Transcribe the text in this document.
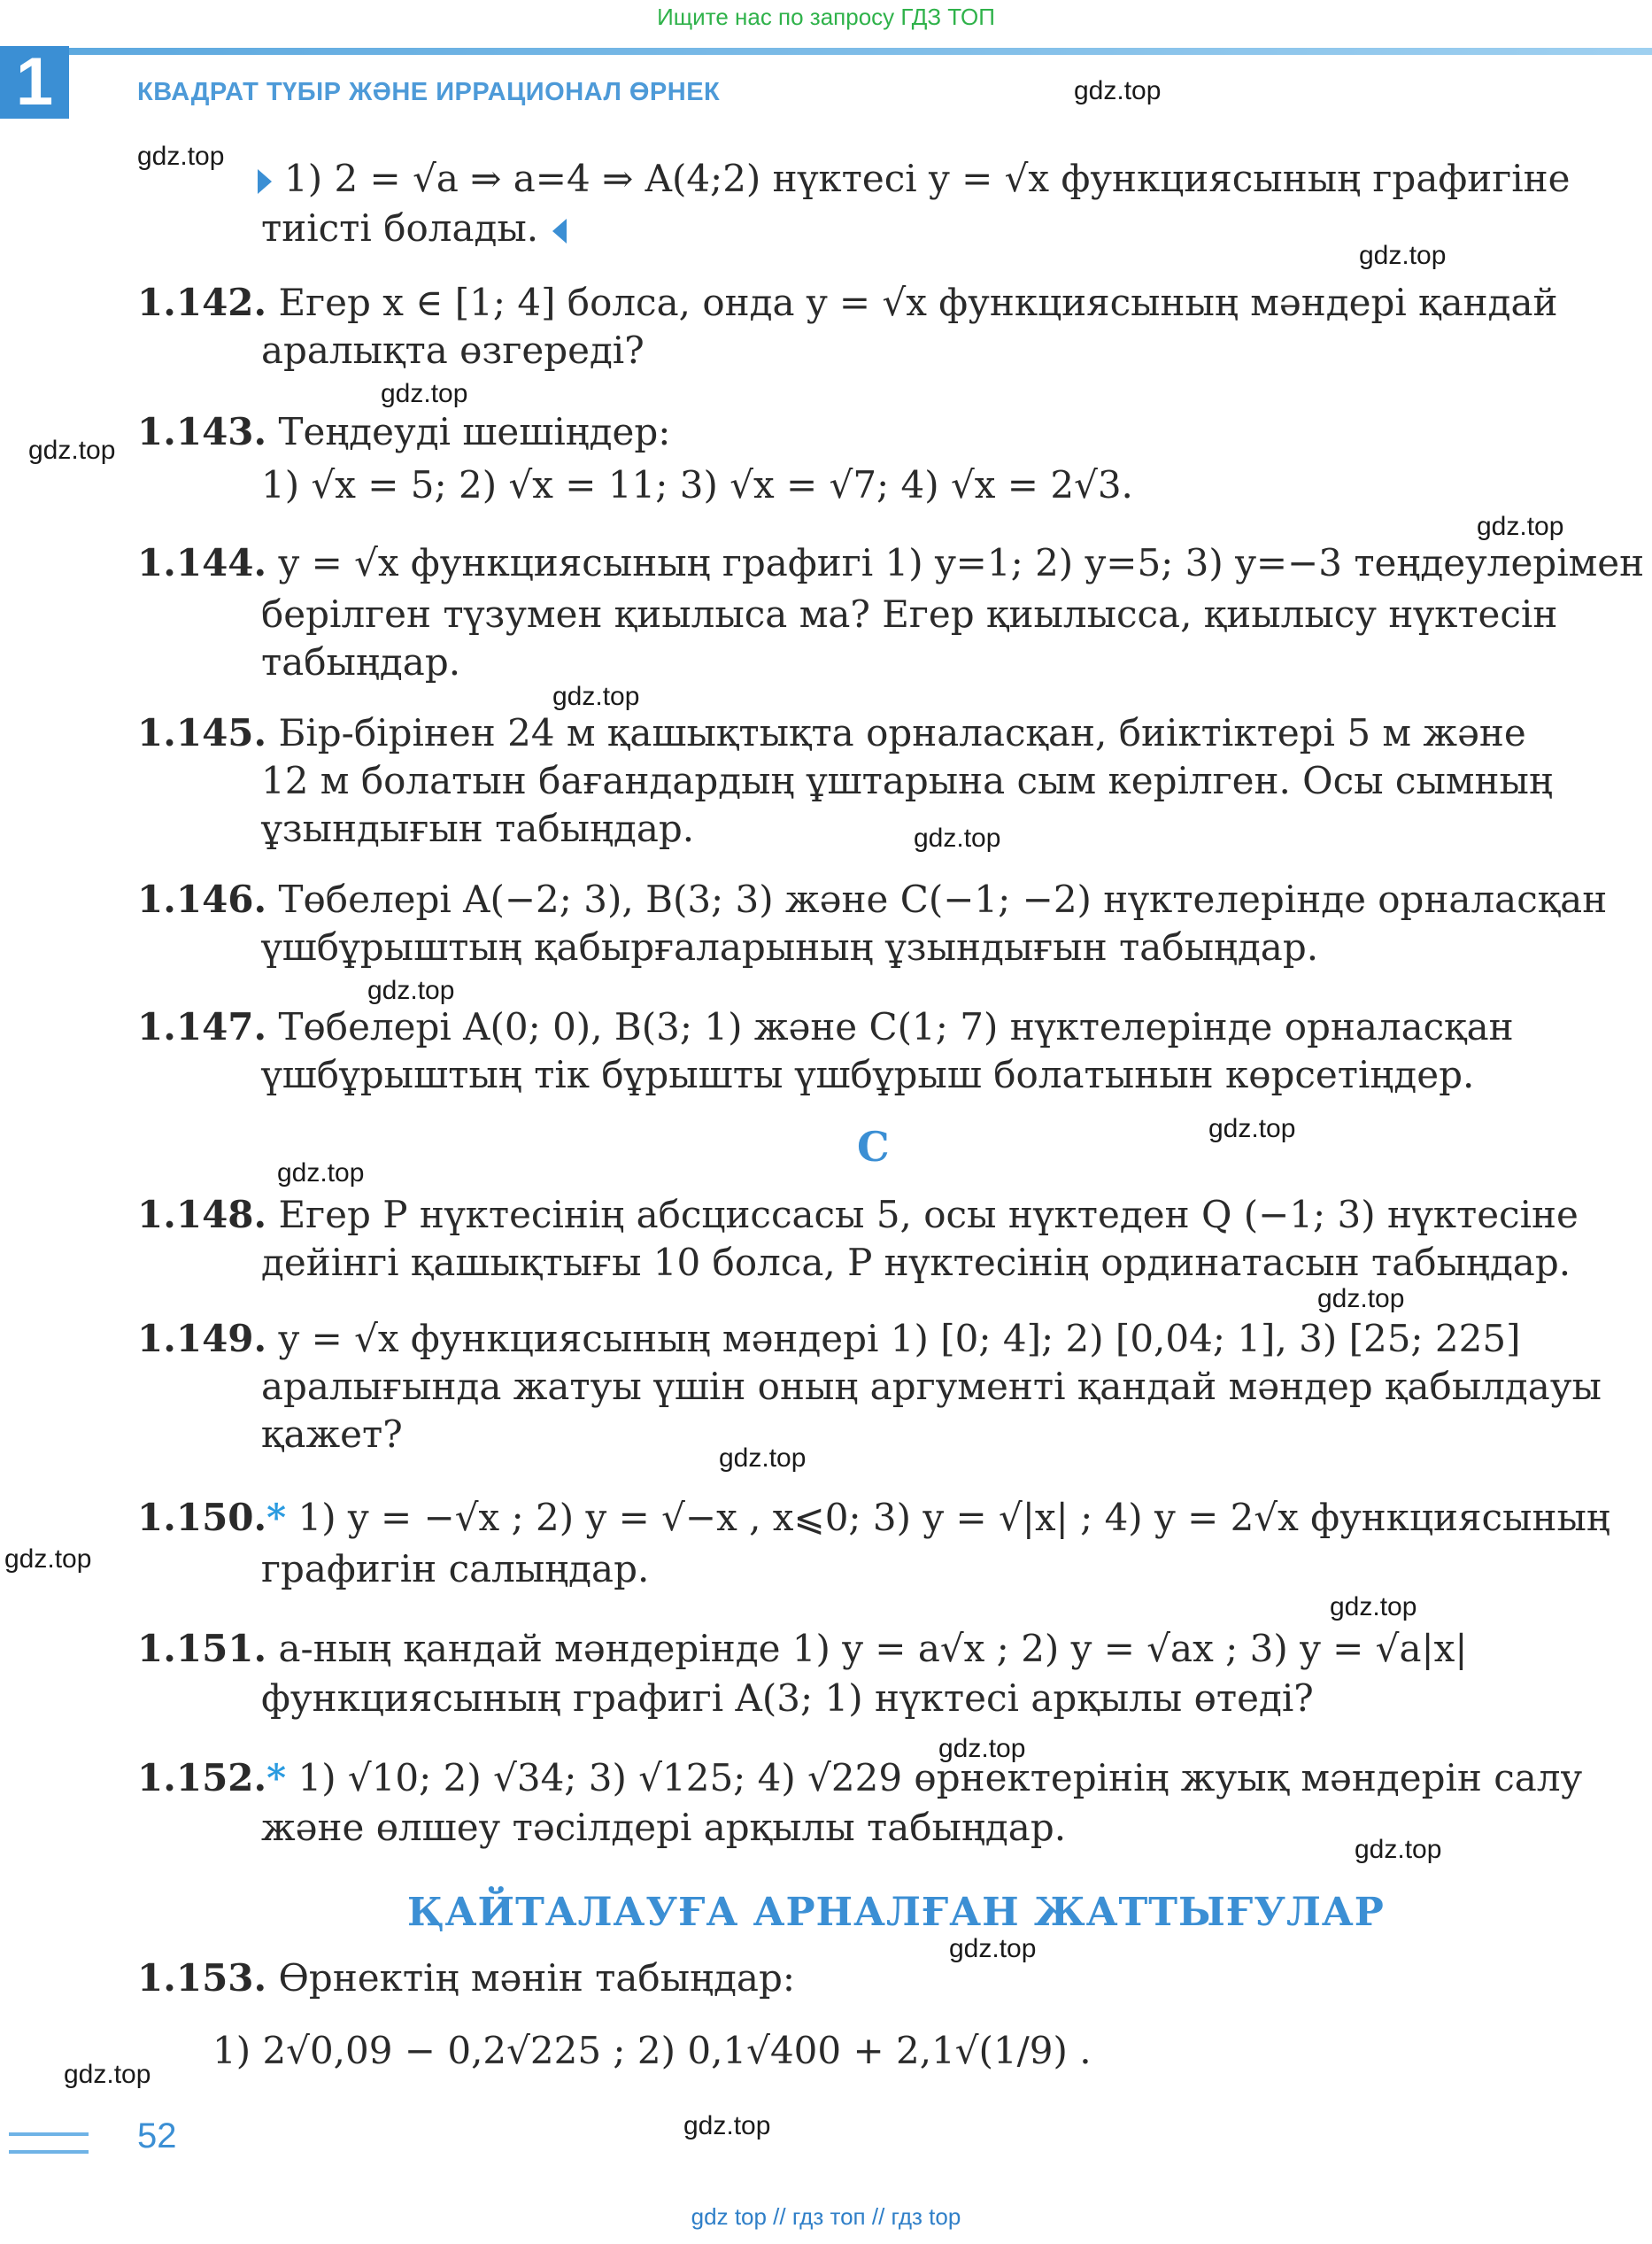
Ищите нас по запросу ГДЗ ТОП
1	КВАДРАТ ТҮБІР ЖӘНЕ ИРРАЦИОНАЛ ӨРНЕК	gdz.top
gdz.top
gdz.top
gdz.top
gdz.top
gdz.top
gdz.top
gdz.top
gdz.top
gdz.top
gdz.top
gdz.top
gdz.top
gdz.top
gdz.top
gdz.top
gdz.top
gdz.top
gdz.top
gdz.top
1) 2 = √a ⇒ a=4 ⇒ A(4;2) нүктесі y = √x функциясының графигіне
тиісті болады.
1.142. Егер x ∈ [1; 4] болса, онда y = √x функциясының мәндері қандай
аралықта өзгереді?
1.143. Теңдеуді шешіңдер:
1) √x = 5; 2) √x = 11; 3) √x = √7; 4) √x = 2√3.
1.144. y = √x функциясының графигі 1) y=1; 2) y=5; 3) y=−3 теңдеулерімен
берілген түзумен қиылыса ма? Егер қиылысса, қиылысу нүктесін
табыңдар.
1.145. Бір-бірінен 24 м қашықтықта орналасқан, биіктіктері 5 м және
12 м болатын бағандардың ұштарына сым керілген. Осы сымның
ұзындығын табыңдар.
1.146. Төбелері A(−2; 3), B(3; 3) және C(−1; −2) нүктелерінде орналасқан
үшбұрыштың қабырғаларының ұзындығын табыңдар.
1.147. Төбелері A(0; 0), B(3; 1) және C(1; 7) нүктелерінде орналасқан
үшбұрыштың тік бұрышты үшбұрыш болатынын көрсетіңдер.
1.148. Егер P нүктесінің абсциссасы 5, осы нүктеден Q (−1; 3) нүктесіне
дейінгі қашықтығы 10 болса, P нүктесінің ординатасын табыңдар.
1.149. y = √x функциясының мәндері 1) [0; 4]; 2) [0,04; 1], 3) [25; 225]
аралығында жатуы үшін оның аргументі қандай мәндер қабылдауы
қажет?
1.150.* 1) y = −√x ; 2) y = √−x , x⩽0; 3) y = √|x| ; 4) y = 2√x функциясының
графигін салыңдар.
1.151. a-ның қандай мәндерінде 1) y = a√x ; 2) y = √ax ; 3) y = √a|x|
функциясының графигі A(3; 1) нүктесі арқылы өтеді?
1.152.* 1) √10; 2) √34; 3) √125; 4) √229 өрнектерінің жуық мәндерін салу
және өлшеу тәсілдері арқылы табыңдар.
1.153. Өрнектің мәнін табыңдар:
1) 2√0,09 − 0,2√225 ; 2) 0,1√400 + 2,1√(1/9) .
C
ҚАЙТАЛАУҒА АРНАЛҒАН ЖАТТЫҒУЛАР
52
gdz top // гдз топ // гдз top
